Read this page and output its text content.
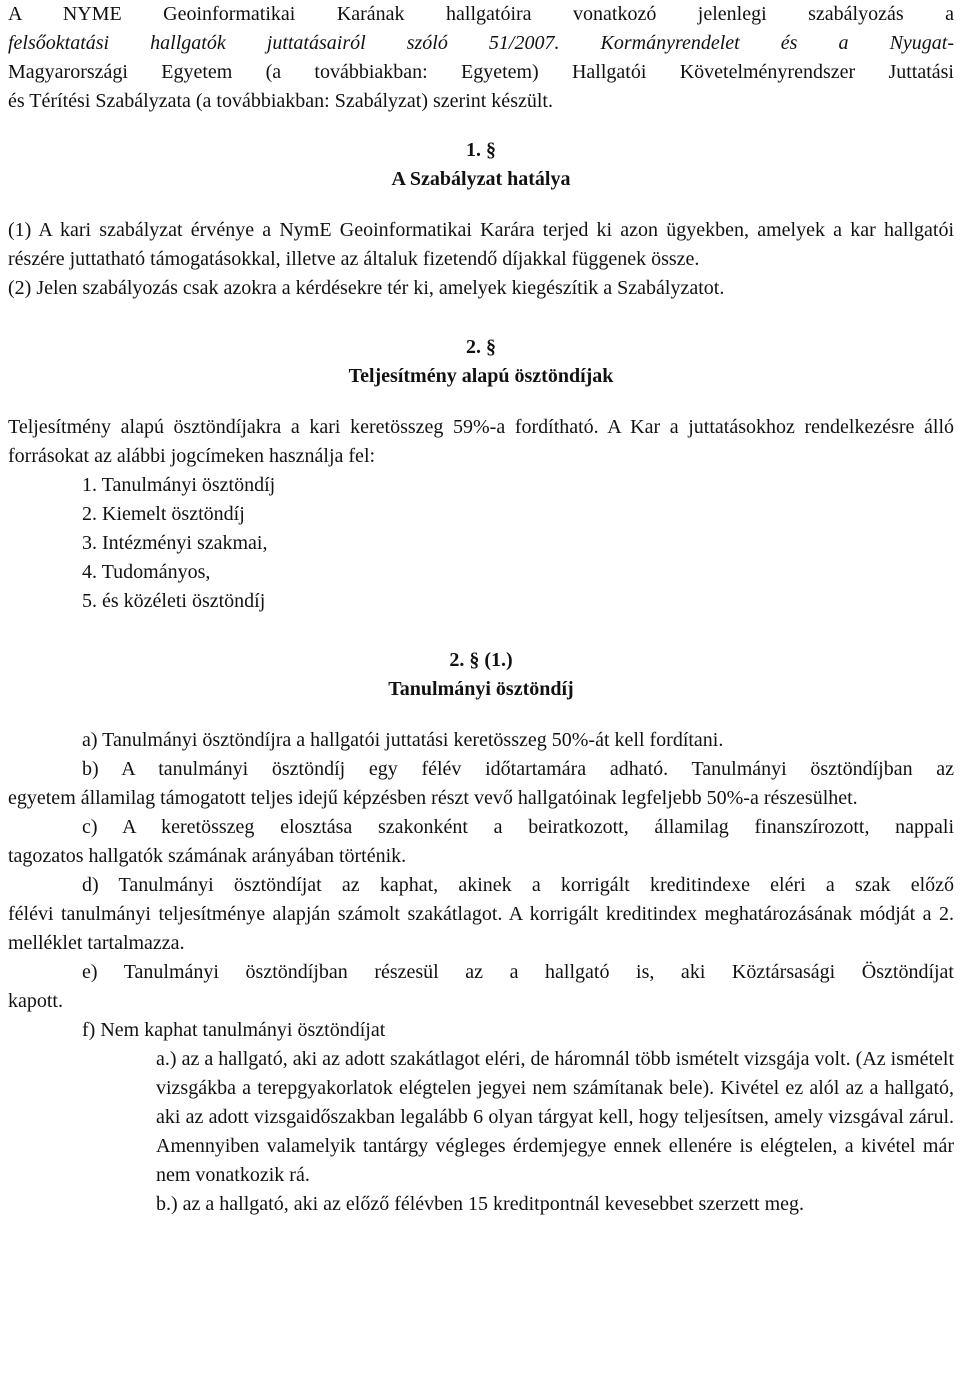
A NYME Geoinformatikai Karának hallgatóira vonatkozó jelenlegi szabályozás a

felsőoktatási hallgatók juttatásairól szóló 51/2007. Kormányrendelet és a Nyugat-

Magyarországi Egyetem (a továbbiakban: Egyetem) Hallgatói Követelményrendszer Juttatási

és Térítési Szabályzata (a továbbiakban: Szabályzat) szerint készült.

1. §

A Szabályzat hatálya

(1) A kari szabályzat érvénye a NymE Geoinformatikai Karára terjed ki azon ügyekben, amelyek a kar hallgatói részére juttatható támogatásokkal, illetve az általuk fizetendő díjakkal függenek össze.

(2) Jelen szabályozás csak azokra a kérdésekre tér ki, amelyek kiegészítik a Szabályzatot.

2. §

Teljesítmény alapú ösztöndíjak

Teljesítmény alapú ösztöndíjakra a kari keretösszeg 59%-a fordítható. A Kar a juttatásokhoz rendelkezésre álló forrásokat az alábbi jogcímeken használja fel:

1. Tanulmányi ösztöndíj

2. Kiemelt ösztöndíj

3. Intézményi szakmai,

4. Tudományos,

5. és közéleti ösztöndíj

2. § (1.)

Tanulmányi ösztöndíj

a) Tanulmányi ösztöndíjra a hallgatói juttatási keretösszeg 50%-át kell fordítani.

b) A tanulmányi ösztöndíj egy félév időtartamára adható. Tanulmányi ösztöndíjban az

egyetem államilag támogatott teljes idejű képzésben részt vevő hallgatóinak legfeljebb 50%-a részesülhet.

c) A keretösszeg elosztása szakonként a beiratkozott, államilag finanszírozott, nappali

tagozatos hallgatók számának arányában történik.

d) Tanulmányi ösztöndíjat az kaphat, akinek a korrigált kreditindexe eléri a szak előző

félévi tanulmányi teljesítménye alapján számolt szakátlagot. A korrigált kreditindex meghatározásának módját a 2. melléklet tartalmazza.

e) Tanulmányi ösztöndíjban részesül az a hallgató is, aki Köztársasági Ösztöndíjat

kapott.

f) Nem kaphat tanulmányi ösztöndíjat

a.) az a hallgató, aki az adott szakátlagot eléri, de háromnál több ismételt vizsgája volt. (Az ismételt vizsgákba a terepgyakorlatok elégtelen jegyei nem számítanak bele). Kivétel ez alól az a hallgató, aki az adott vizsgaidőszakban legalább 6 olyan tárgyat kell, hogy teljesítsen, amely vizsgával zárul. Amennyiben valamelyik tantárgy végleges érdemjegye ennek ellenére is elégtelen, a kivétel már nem vonatkozik rá.

b.) az a hallgató, aki az előző félévben 15 kreditpontnál kevesebbet szerzett meg.
